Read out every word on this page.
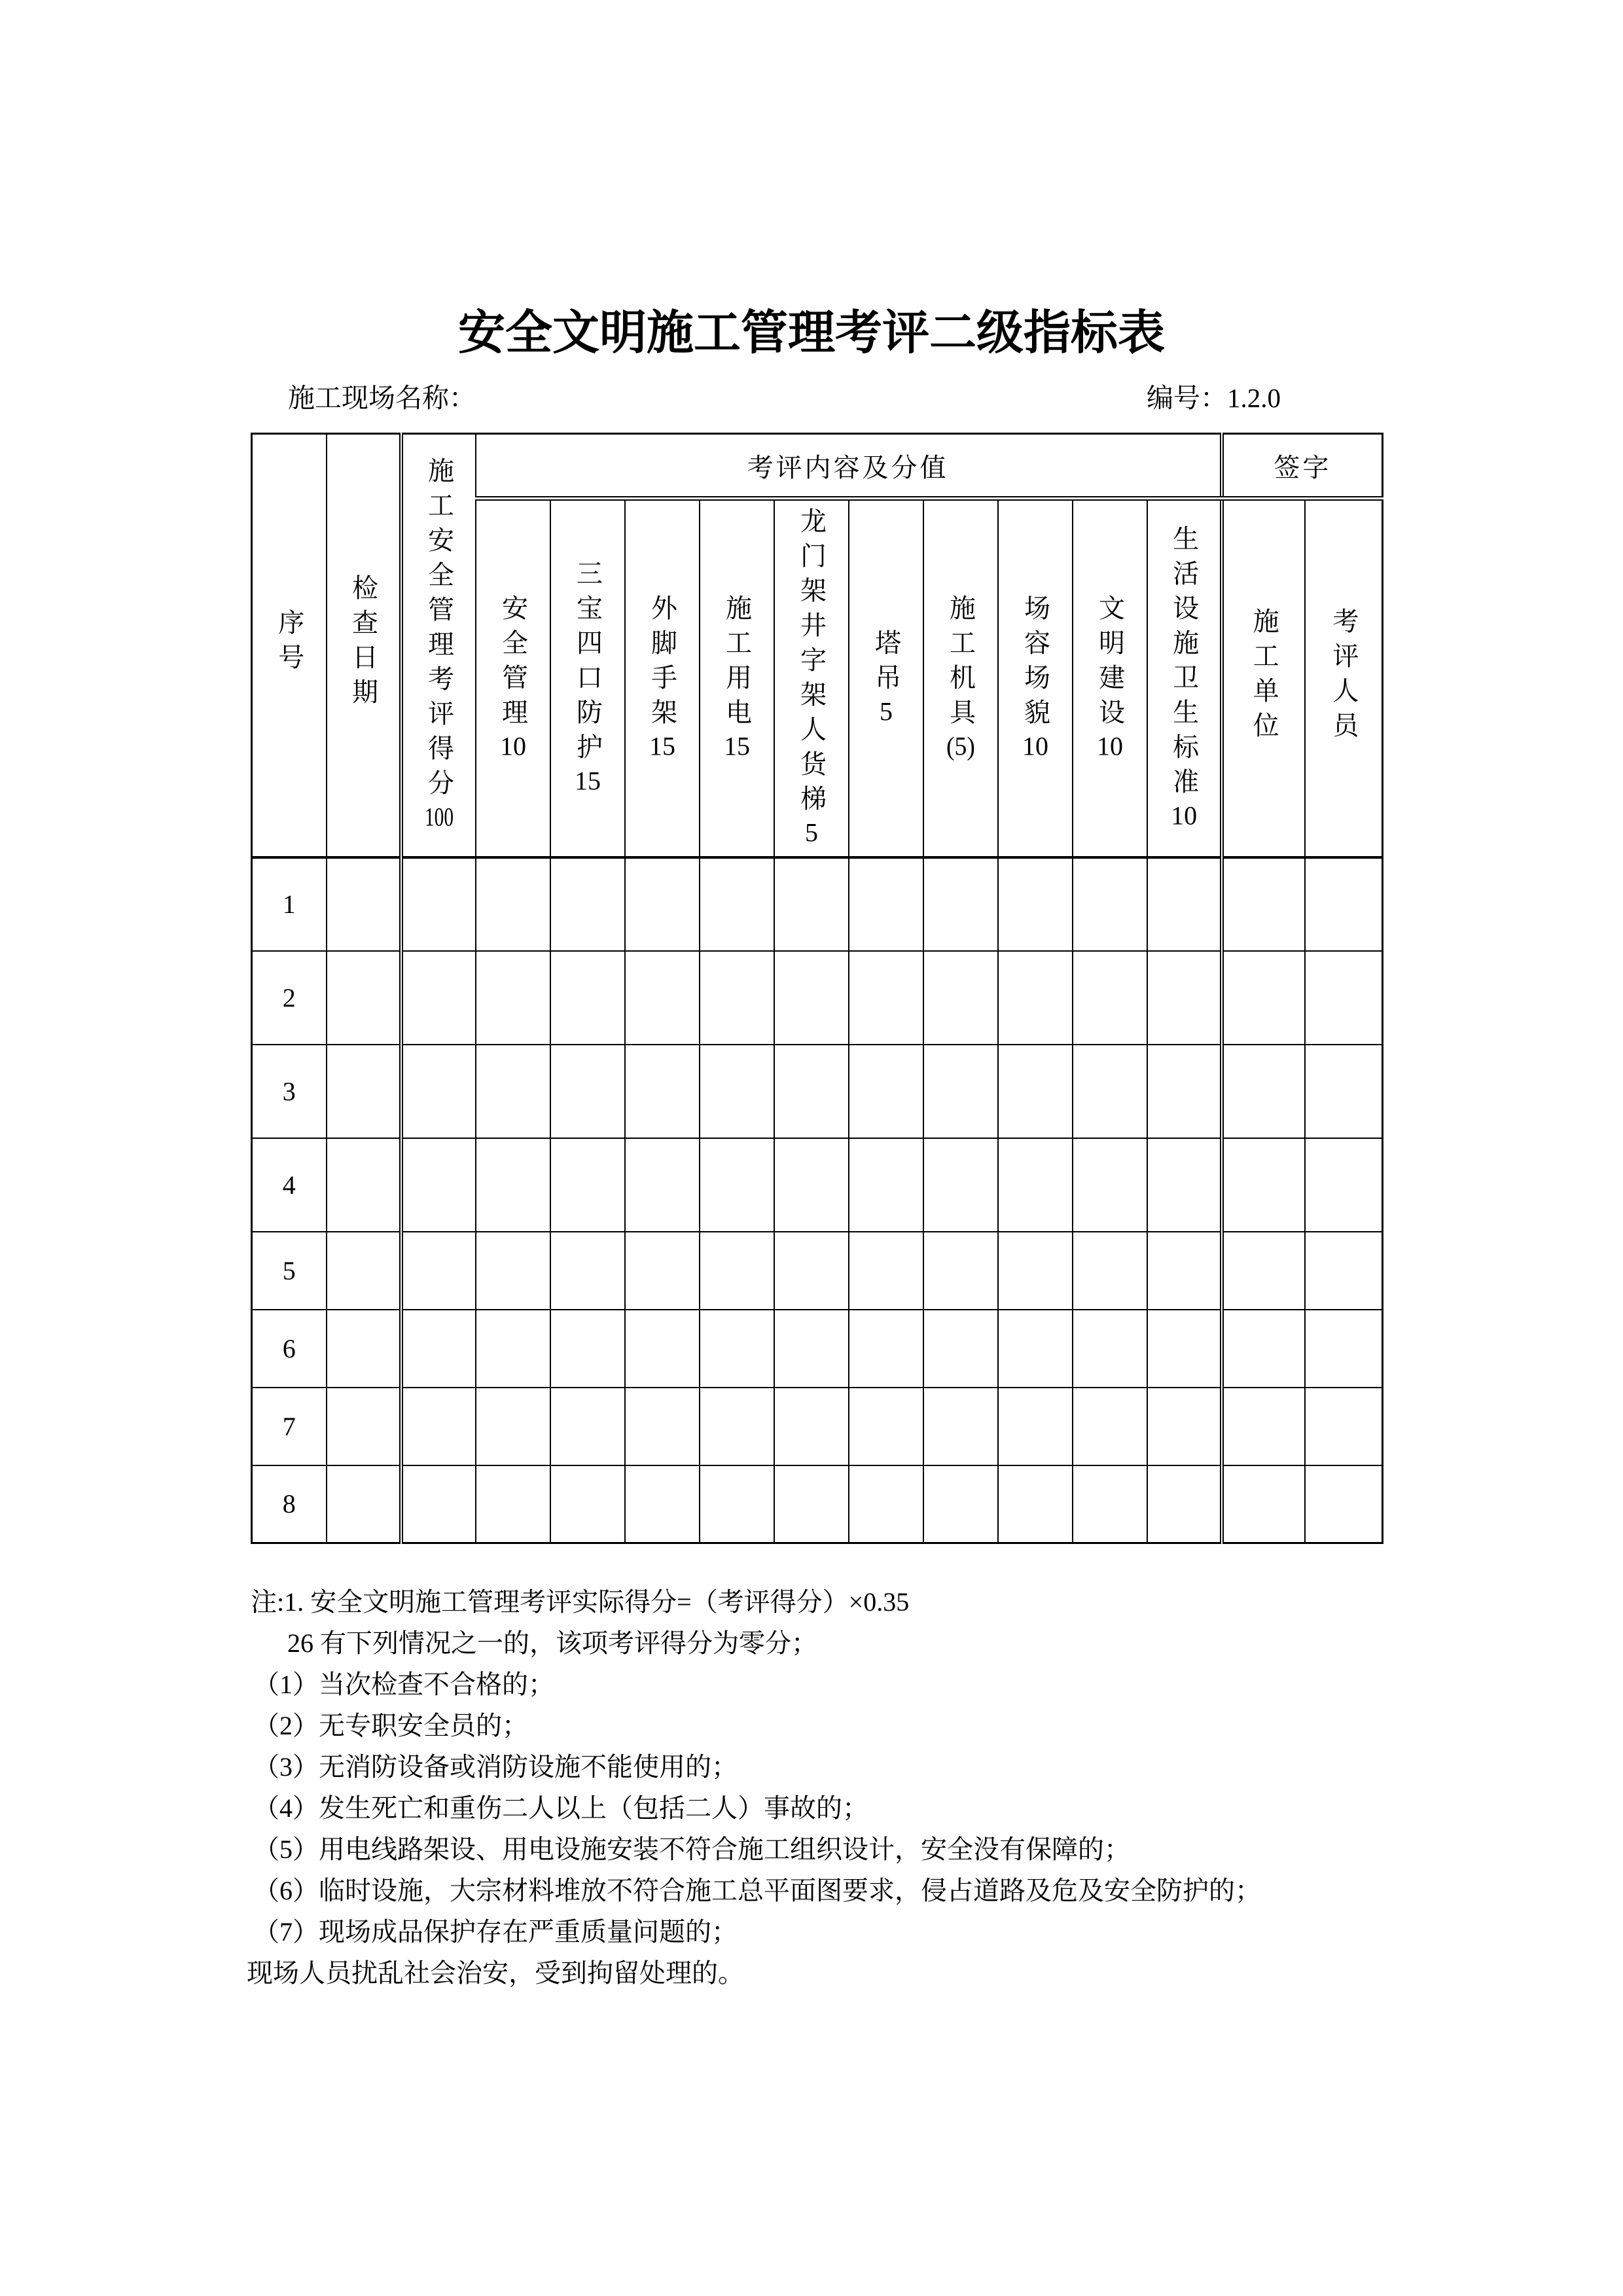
安全文明施工管理考评二级指标表
施工现场名称：	编号：1.2.0
序号	检查日期	施工安全管理考评得分100	考评内容及分值										签字	
			安全管理10	三宝四口防护15	外脚手架15	施工用电15	龙门架井字架人货梯5	塔吊5	施工机具(5)	场容场貌10	文明建设10	生活设施卫生标准10	施工单位	考评人员
1														
2														
3														
4														
5														
6														
7														
8														
注:1. 安全文明施工管理考评实际得分=（考评得分）×0.35
26 有下列情况之一的，该项考评得分为零分；
（1）当次检查不合格的；
（2）无专职安全员的；
（3）无消防设备或消防设施不能使用的；
（4）发生死亡和重伤二人以上（包括二人）事故的；
（5）用电线路架设、用电设施安装不符合施工组织设计，安全没有保障的；
（6）临时设施，大宗材料堆放不符合施工总平面图要求，侵占道路及危及安全防护的；
（7）现场成品保护存在严重质量问题的；
现场人员扰乱社会治安，受到拘留处理的。
